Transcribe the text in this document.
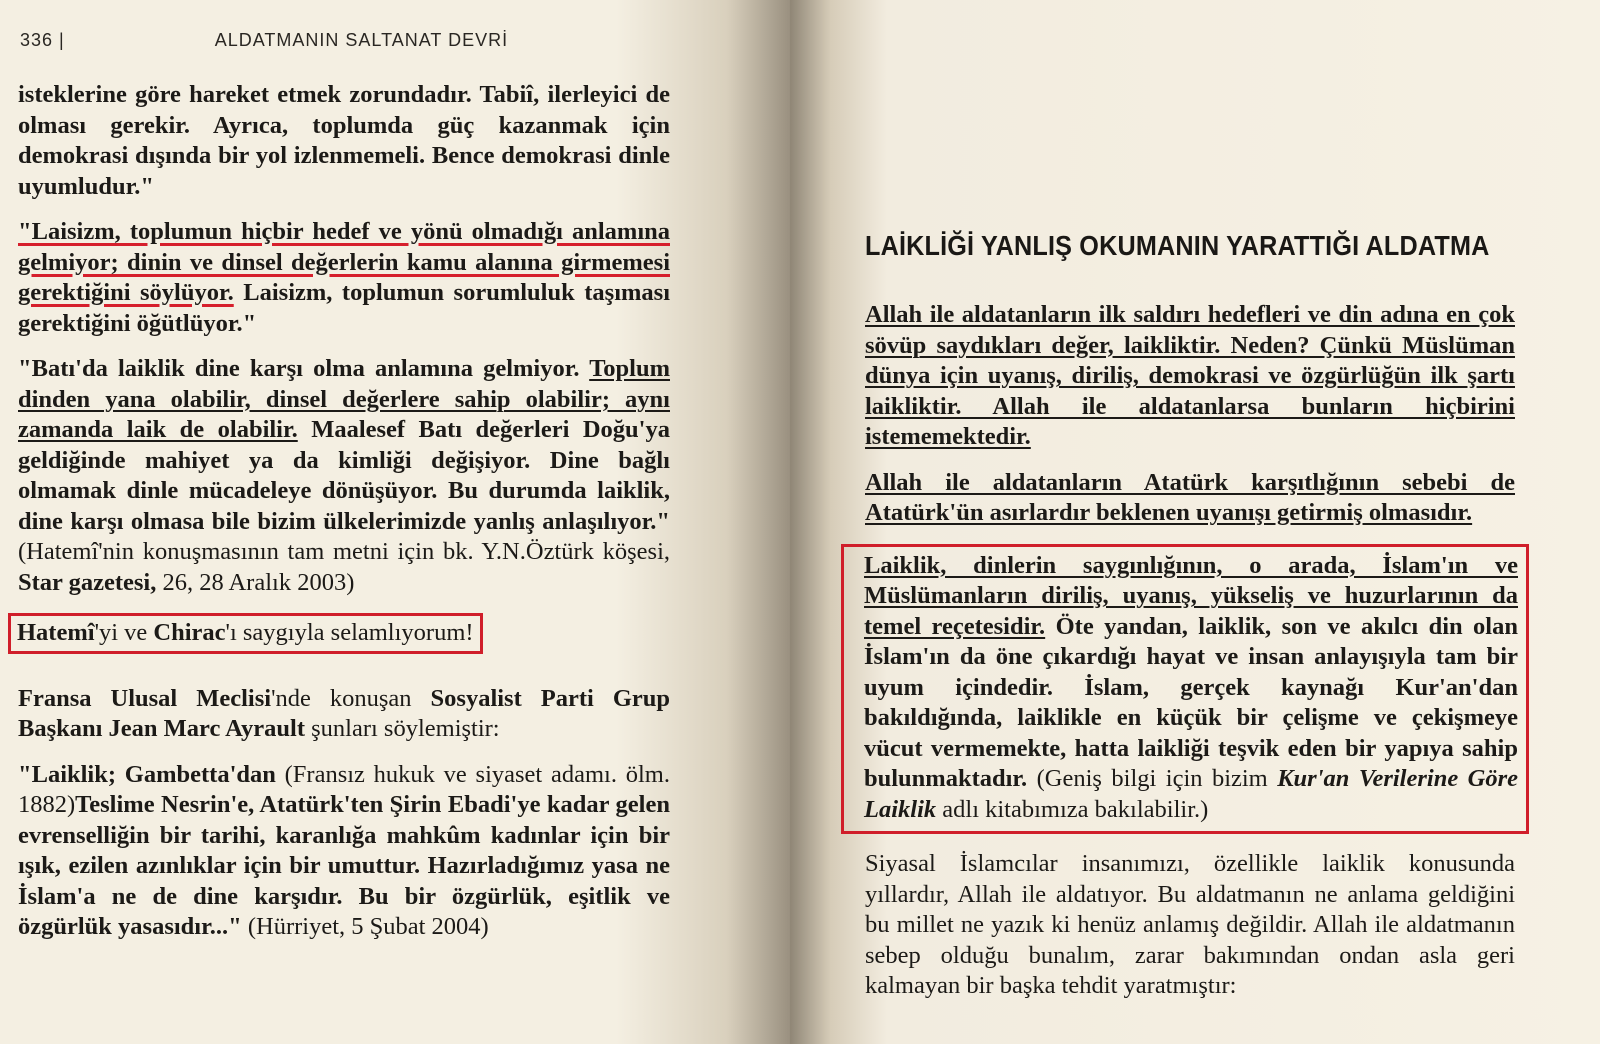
336 |	ALDATMANIN SALTANAT DEVRİ

isteklerine göre hareket etmek zorundadır. Tabiî, ilerleyici de olması gerekir. Ayrıca, toplumda güç kazanmak için demokrasi dışında bir yol izlenmemeli. Bence demokrasi dinle uyumludur."

"Laisizm, toplumun hiçbir hedef ve yönü olmadığı anlamına gelmiyor; dinin ve dinsel değerlerin kamu alanına girmemesi gerektiğini söylüyor. Laisizm, toplumun sorumluluk taşıması gerektiğini öğütlüyor."

"Batı'da laiklik dine karşı olma anlamına gelmiyor. Toplum dinden yana olabilir, dinsel değerlere sahip olabilir; aynı zamanda laik de olabilir. Maalesef Batı değerleri Doğu'ya geldiğinde mahiyet ya da kimliği değişiyor. Dine bağlı olmamak dinle mücadeleye dönüşüyor. Bu durumda laiklik, dine karşı olmasa bile bizim ülkelerimizde yanlış anlaşılıyor." (Hatemî'nin konuşmasının tam metni için bk. Y.N.Öztürk köşesi, Star gazetesi, 26, 28 Aralık 2003)

Hatemî'yi ve Chirac'ı saygıyla selamlıyorum!

Fransa Ulusal Meclisi'nde konuşan Sosyalist Parti Grup Başkanı Jean Marc Ayrault şunları söylemiştir:

"Laiklik; Gambetta'dan (Fransız hukuk ve siyaset adamı. ölm. 1882)Teslime Nesrin'e, Atatürk'ten Şirin Ebadi'ye kadar gelen evrenselliğin bir tarihi, karanlığa mahkûm kadınlar için bir ışık, ezilen azınlıklar için bir umuttur. Hazırladığımız yasa ne İslam'a ne de dine karşıdır. Bu bir özgürlük, eşitlik ve özgürlük yasasıdır..." (Hürriyet, 5 Şubat 2004)

LAİKLİĞİ YANLIŞ OKUMANIN YARATTIĞI ALDATMA

Allah ile aldatanların ilk saldırı hedefleri ve din adına en çok sövüp saydıkları değer, laikliktir. Neden? Çünkü Müslüman dünya için uyanış, diriliş, demokrasi ve özgürlüğün ilk şartı laikliktir. Allah ile aldatanlarsa bunların hiçbirini istememektedir.

Allah ile aldatanların Atatürk karşıtlığının sebebi de Atatürk'ün asırlardır beklenen uyanışı getirmiş olmasıdır.

Laiklik, dinlerin saygınlığının, o arada, İslam'ın ve Müslümanların diriliş, uyanış, yükseliş ve huzurlarının da temel reçetesidir. Öte yandan, laiklik, son ve akılcı din olan İslam'ın da öne çıkardığı hayat ve insan anlayışıyla tam bir uyum içindedir. İslam, gerçek kaynağı Kur'an'dan bakıldığında, laiklikle en küçük bir çelişme ve çekişmeye vücut vermemekte, hatta laikliği teşvik eden bir yapıya sahip bulunmaktadır. (Geniş bilgi için bizim Kur'an Verilerine Göre Laiklik adlı kitabımıza bakılabilir.)

Siyasal İslamcılar insanımızı, özellikle laiklik konusunda yıllardır, Allah ile aldatıyor. Bu aldatmanın ne anlama geldiğini bu millet ne yazık ki henüz anlamış değildir. Allah ile aldatmanın sebep olduğu bunalım, zarar bakımından ondan asla geri kalmayan bir başka tehdit yaratmıştır:
